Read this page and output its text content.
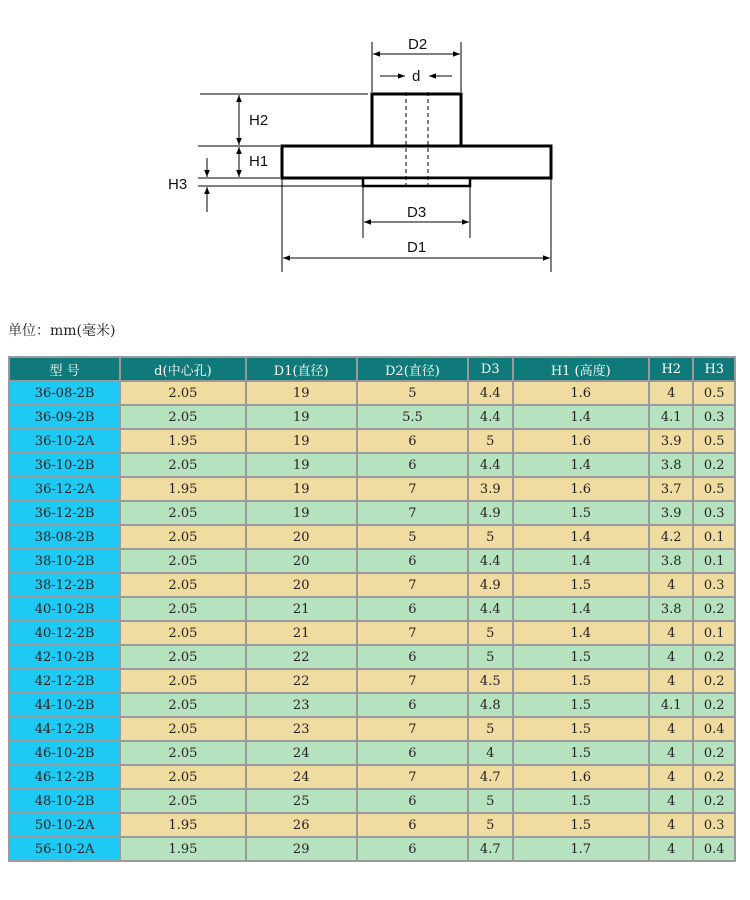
D2
d
H2
H1
H3
D3
D1
单位：mm(毫米)
型 号	d(中心孔)	D1(直径)	D2(直径)	D3	H1 (高度)	H2	H3
36-08-2B	2.05	19	5	4.4	1.6	4	0.5
36-09-2B	2.05	19	5.5	4.4	1.4	4.1	0.3
36-10-2A	1.95	19	6	5	1.6	3.9	0.5
36-10-2B	2.05	19	6	4.4	1.4	3.8	0.2
36-12-2A	1.95	19	7	3.9	1.6	3.7	0.5
36-12-2B	2.05	19	7	4.9	1.5	3.9	0.3
38-08-2B	2.05	20	5	5	1.4	4.2	0.1
38-10-2B	2.05	20	6	4.4	1.4	3.8	0.1
38-12-2B	2.05	20	7	4.9	1.5	4	0.3
40-10-2B	2.05	21	6	4.4	1.4	3.8	0.2
40-12-2B	2.05	21	7	5	1.4	4	0.1
42-10-2B	2.05	22	6	5	1.5	4	0.2
42-12-2B	2.05	22	7	4.5	1.5	4	0.2
44-10-2B	2.05	23	6	4.8	1.5	4.1	0.2
44-12-2B	2.05	23	7	5	1.5	4	0.4
46-10-2B	2.05	24	6	4	1.5	4	0.2
46-12-2B	2.05	24	7	4.7	1.6	4	0.2
48-10-2B	2.05	25	6	5	1.5	4	0.2
50-10-2A	1.95	26	6	5	1.5	4	0.3
56-10-2A	1.95	29	6	4.7	1.7	4	0.4
